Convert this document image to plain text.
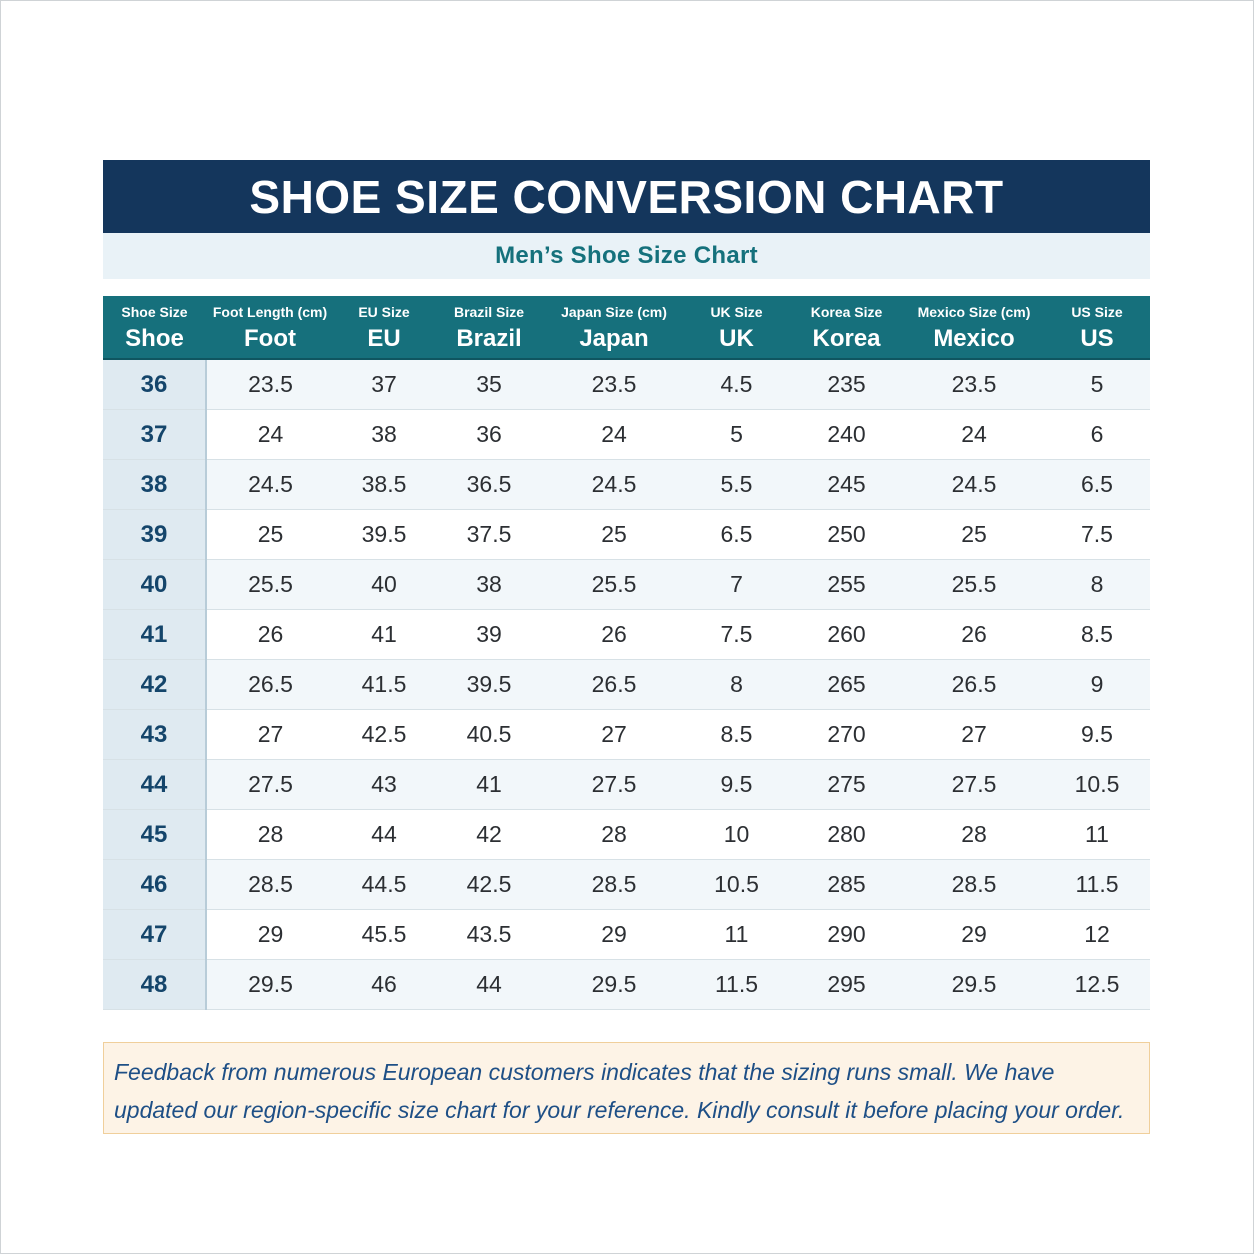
SHOE SIZE CONVERSION CHART
Men’s Shoe Size Chart
Shoe Size	Foot Length (cm)	EU Size	Brazil Size	Japan Size (cm)	UK Size	Korea Size	Mexico Size (cm)	US Size
Shoe	Foot	EU	Brazil	Japan	UK	Korea	Mexico	US
36	23.5	37	35	23.5	4.5	235	23.5	5
37	24	38	36	24	5	240	24	6
38	24.5	38.5	36.5	24.5	5.5	245	24.5	6.5
39	25	39.5	37.5	25	6.5	250	25	7.5
40	25.5	40	38	25.5	7	255	25.5	8
41	26	41	39	26	7.5	260	26	8.5
42	26.5	41.5	39.5	26.5	8	265	26.5	9
43	27	42.5	40.5	27	8.5	270	27	9.5
44	27.5	43	41	27.5	9.5	275	27.5	10.5
45	28	44	42	28	10	280	28	11
46	28.5	44.5	42.5	28.5	10.5	285	28.5	11.5
47	29	45.5	43.5	29	11	290	29	12
48	29.5	46	44	29.5	11.5	295	29.5	12.5
Feedback from numerous European customers indicates that the sizing runs small. We have updated our region-specific size chart for your reference. Kindly consult it before placing your order.
